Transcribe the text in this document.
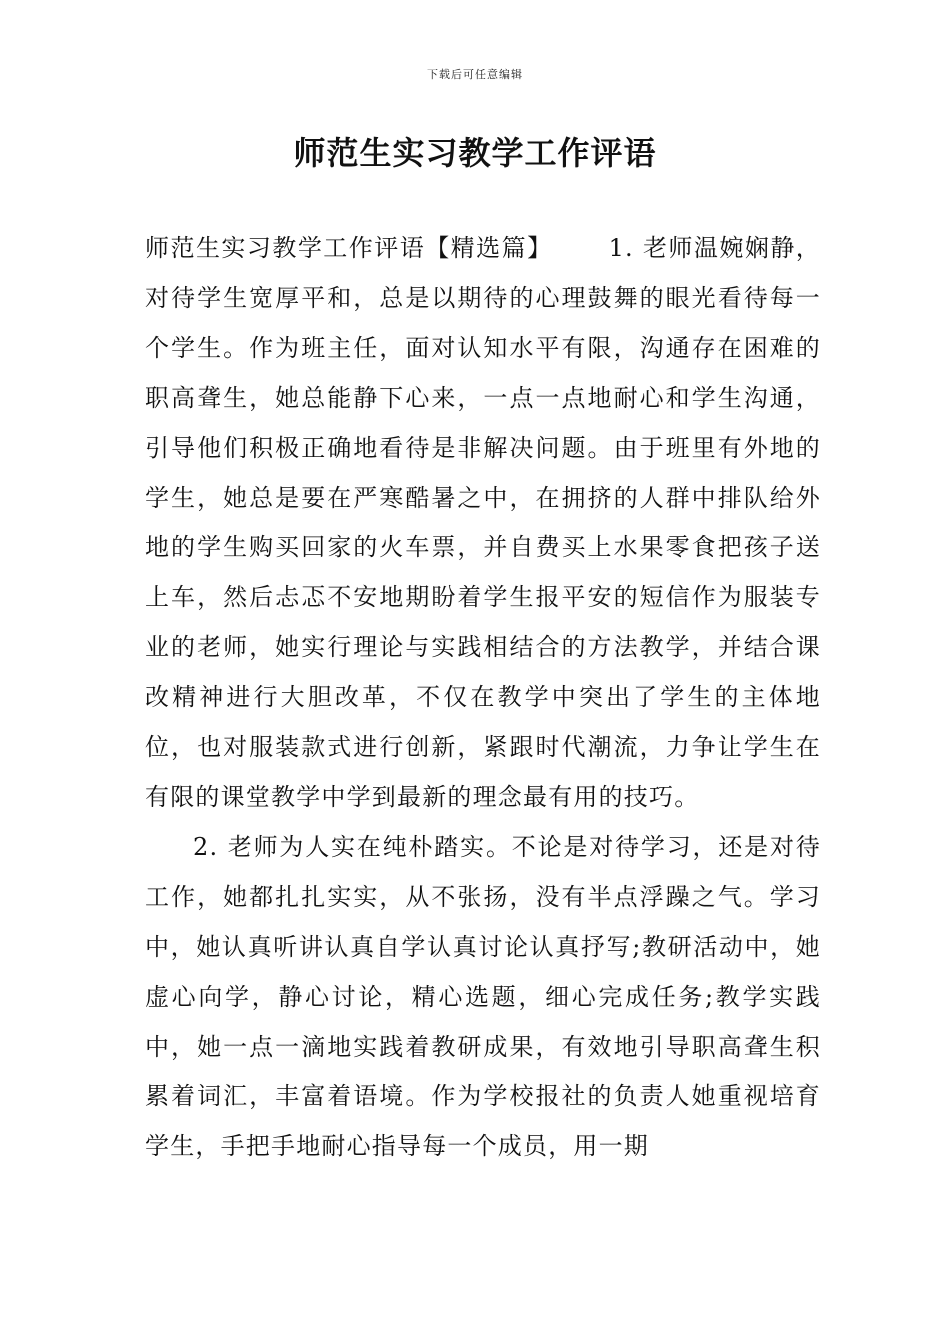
下载后可任意编辑
师范生实习教学工作评语

师范生实习教学工作评语【精选篇】 1. 老师温婉娴静，对待学生宽厚平和，总是以期待的心理鼓舞的眼光看待每一个学生。作为班主任，面对认知水平有限，沟通存在困难的职高聋生，她总能静下心来，一点一点地耐心和学生沟通，引导他们积极正确地看待是非解决问题。由于班里有外地的学生，她总是要在严寒酷暑之中，在拥挤的人群中排队给外地的学生购买回家的火车票，并自费买上水果零食把孩子送上车，然后忐忑不安地期盼着学生报平安的短信作为服装专业的老师，她实行理论与实践相结合的方法教学，并结合课改精神进行大胆改革，不仅在教学中突出了学生的主体地位，也对服装款式进行创新，紧跟时代潮流，力争让学生在有限的课堂教学中学到最新的理念最有用的技巧。

2. 老师为人实在纯朴踏实。不论是对待学习，还是对待工作，她都扎扎实实，从不张扬，没有半点浮躁之气。学习中，她认真听讲认真自学认真讨论认真抒写;教研活动中，她虚心向学，静心讨论，精心选题，细心完成任务;教学实践中，她一点一滴地实践着教研成果，有效地引导职高聋生积累着词汇，丰富着语境。作为学校报社的负责人她重视培育学生，手把手地耐心指导每一个成员，用一期
